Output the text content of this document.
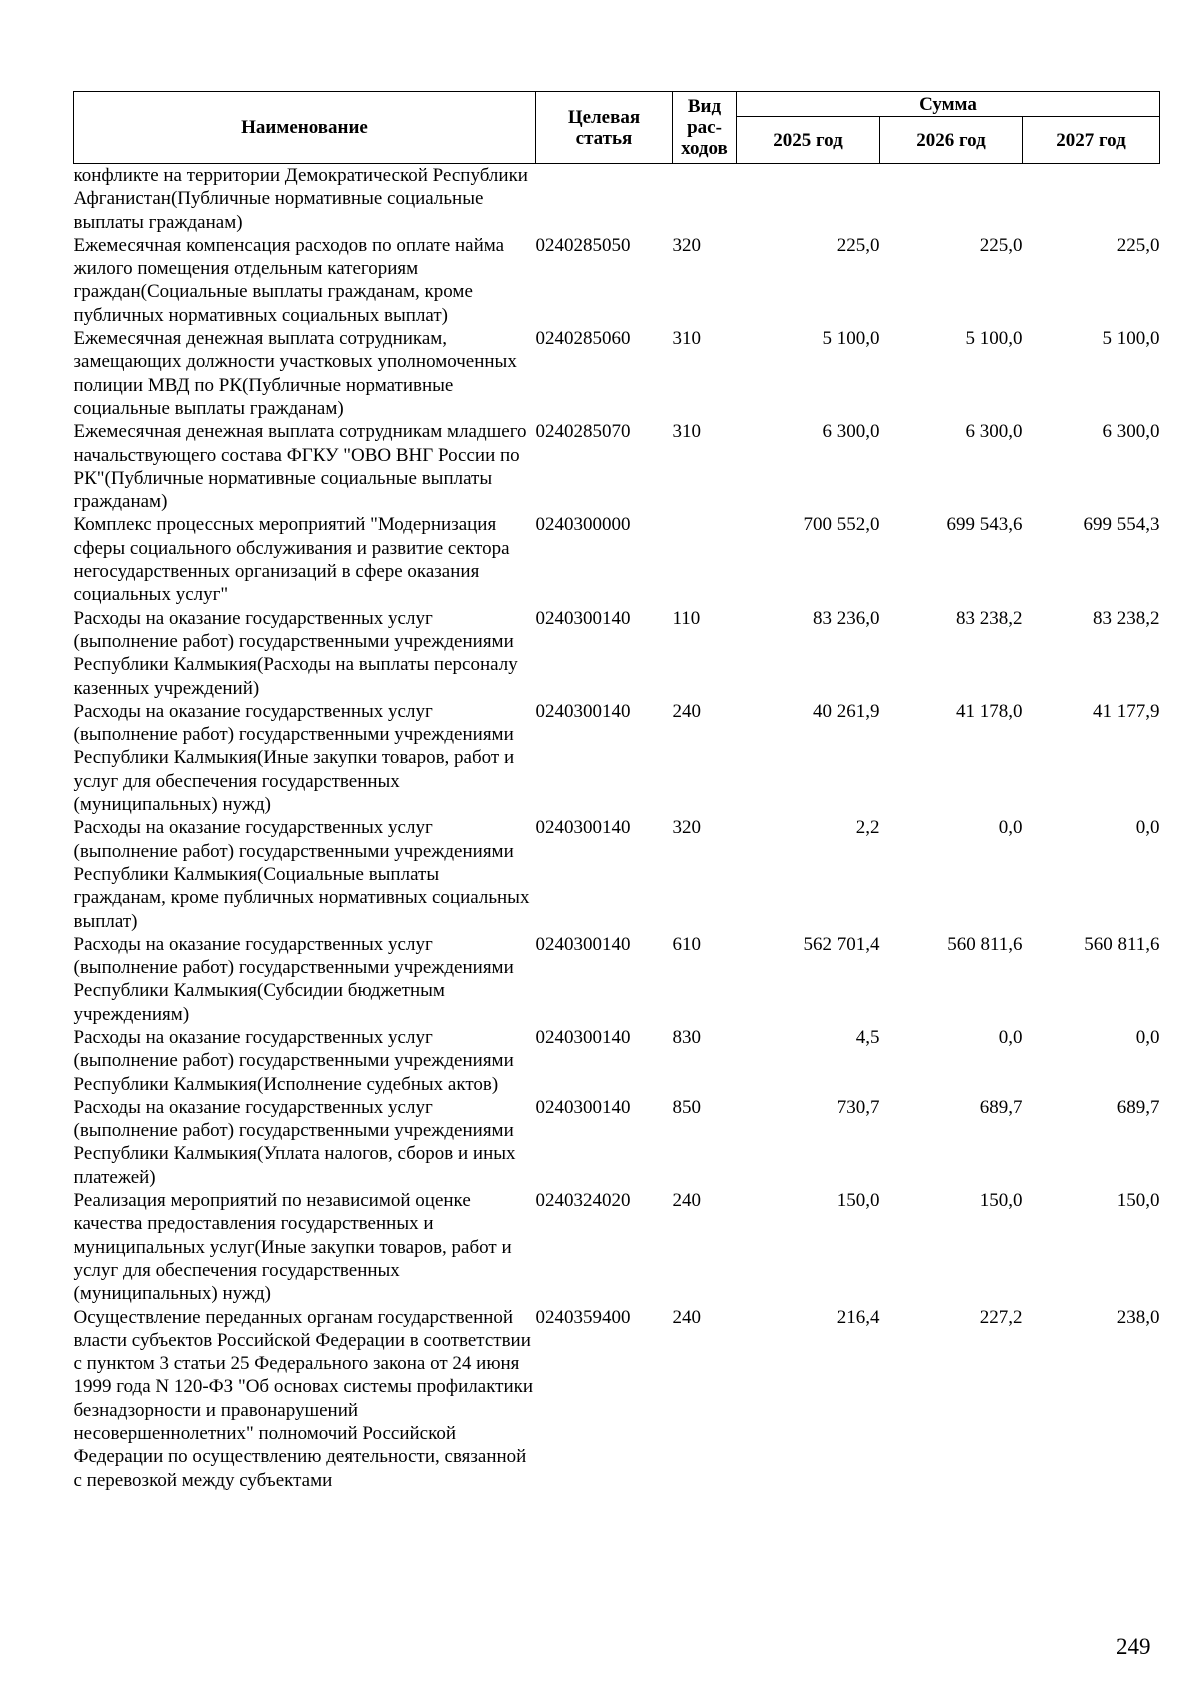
Наименование	Целевая статья	Вид рас-ходов	Сумма		
			2025 год	2026 год	2027 год
конфликте на территории Демократической Республики Афганистан(Публичные нормативные социальные выплаты гражданам)					
Ежемесячная компенсация расходов по оплате найма жилого помещения отдельным категориям граждан(Социальные выплаты гражданам, кроме публичных нормативных социальных выплат)	0240285050	320	225,0	225,0	225,0
Ежемесячная денежная выплата сотрудникам, замещающих должности участковых уполномоченных полиции МВД по РК(Публичные нормативные социальные выплаты гражданам)	0240285060	310	5 100,0	5 100,0	5 100,0
Ежемесячная денежная выплата сотрудникам младшего начальствующего состава ФГКУ "ОВО ВНГ России по РК"(Публичные нормативные социальные выплаты гражданам)	0240285070	310	6 300,0	6 300,0	6 300,0
Комплекс процессных мероприятий "Модернизация сферы социального обслуживания и развитие сектора негосударственных организаций в сфере оказания социальных услуг"	0240300000		700 552,0	699 543,6	699 554,3
Расходы на оказание государственных услуг (выполнение работ) государственными учреждениями Республики Калмыкия(Расходы на выплаты персоналу казенных учреждений)	0240300140	110	83 236,0	83 238,2	83 238,2
Расходы на оказание государственных услуг (выполнение работ) государственными учреждениями Республики Калмыкия(Иные закупки товаров, работ и услуг для обеспечения государственных (муниципальных) нужд)	0240300140	240	40 261,9	41 178,0	41 177,9
Расходы на оказание государственных услуг (выполнение работ) государственными учреждениями Республики Калмыкия(Социальные выплаты гражданам, кроме публичных нормативных социальных выплат)	0240300140	320	2,2	0,0	0,0
Расходы на оказание государственных услуг (выполнение работ) государственными учреждениями Республики Калмыкия(Субсидии бюджетным учреждениям)	0240300140	610	562 701,4	560 811,6	560 811,6
Расходы на оказание государственных услуг (выполнение работ) государственными учреждениями Республики Калмыкия(Исполнение судебных актов)	0240300140	830	4,5	0,0	0,0
Расходы на оказание государственных услуг (выполнение работ) государственными учреждениями Республики Калмыкия(Уплата налогов, сборов и иных платежей)	0240300140	850	730,7	689,7	689,7
Реализация мероприятий по независимой оценке качества предоставления государственных и муниципальных услуг(Иные закупки товаров, работ и услуг для обеспечения государственных (муниципальных) нужд)	0240324020	240	150,0	150,0	150,0
Осуществление переданных органам государственной власти субъектов Российской Федерации в соответствии с пунктом 3 статьи 25 Федерального закона от 24 июня 1999 года N 120-ФЗ "Об основах системы профилактики безнадзорности и правонарушений несовершеннолетних" полномочий Российской Федерации по осуществлению деятельности, связанной с перевозкой между субъектами	0240359400	240	216,4	227,2	238,0
249
